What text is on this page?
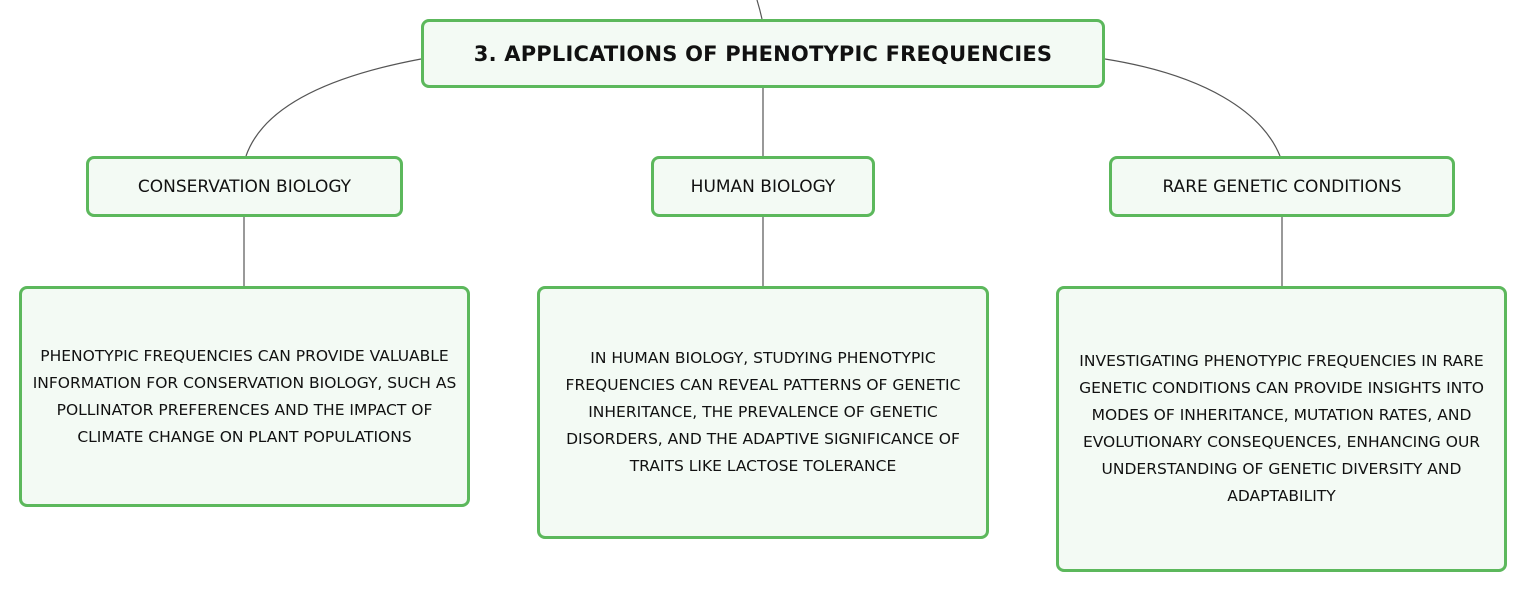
3. APPLICATIONS OF PHENOTYPIC FREQUENCIES
CONSERVATION BIOLOGY	HUMAN BIOLOGY	RARE GENETIC CONDITIONS
PHENOTYPIC FREQUENCIES CAN PROVIDE VALUABLE INFORMATION FOR CONSERVATION BIOLOGY, SUCH AS POLLINATOR PREFERENCES AND THE IMPACT OF CLIMATE CHANGE ON PLANT POPULATIONS
IN HUMAN BIOLOGY, STUDYING PHENOTYPIC FREQUENCIES CAN REVEAL PATTERNS OF GENETIC INHERITANCE, THE PREVALENCE OF GENETIC DISORDERS, AND THE ADAPTIVE SIGNIFICANCE OF TRAITS LIKE LACTOSE TOLERANCE
INVESTIGATING PHENOTYPIC FREQUENCIES IN RARE GENETIC CONDITIONS CAN PROVIDE INSIGHTS INTO MODES OF INHERITANCE, MUTATION RATES, AND EVOLUTIONARY CONSEQUENCES, ENHANCING OUR UNDERSTANDING OF GENETIC DIVERSITY AND ADAPTABILITY
